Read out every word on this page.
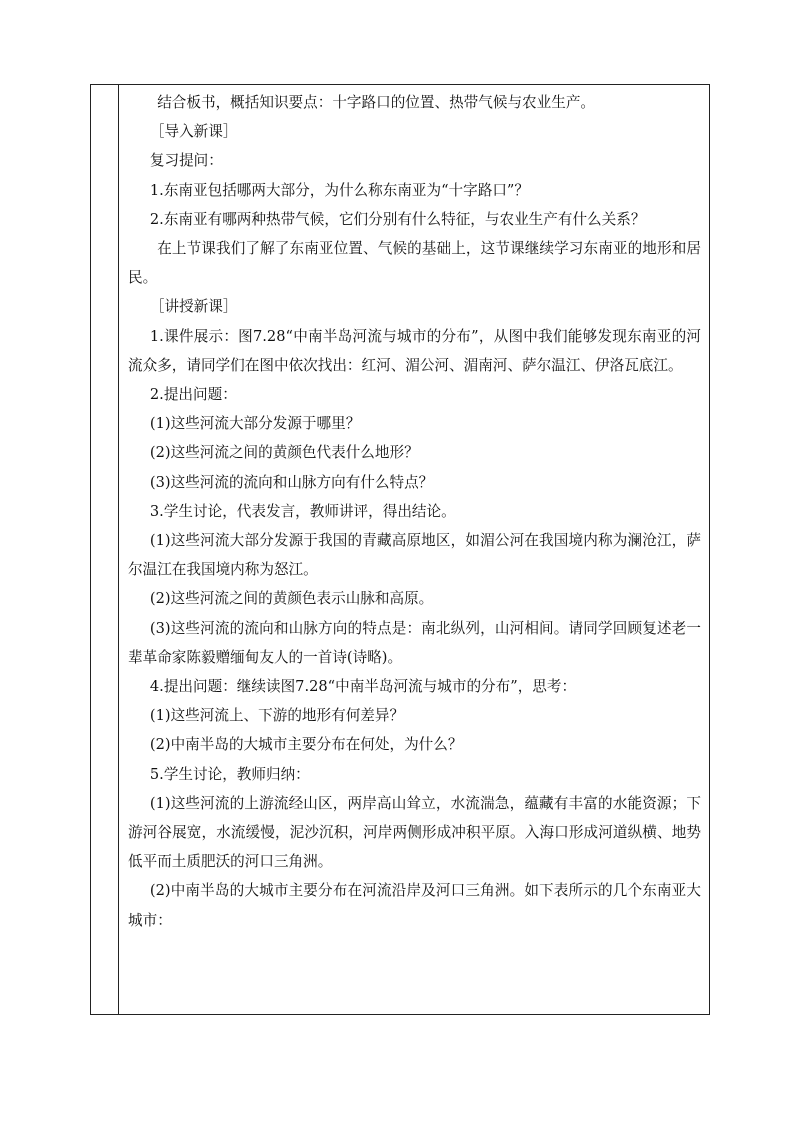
结合板书，概括知识要点：十字路口的位置、热带气候与农业生产。

［导入新课］

复习提问：

1.东南亚包括哪两大部分，为什么称东南亚为“十字路口”？

2.东南亚有哪两种热带气候，它们分别有什么特征，与农业生产有什么关系？

在上节课我们了解了东南亚位置、气候的基础上，这节课继续学习东南亚的地形和居民。

［讲授新课］

1.课件展示：图7.28“中南半岛河流与城市的分布”，从图中我们能够发现东南亚的河流众多，请同学们在图中依次找出：红河、湄公河、湄南河、萨尔温江、伊洛瓦底江。

2.提出问题：

(1)这些河流大部分发源于哪里？

(2)这些河流之间的黄颜色代表什么地形？

(3)这些河流的流向和山脉方向有什么特点？

3.学生讨论，代表发言，教师讲评，得出结论。

(1)这些河流大部分发源于我国的青藏高原地区，如湄公河在我国境内称为澜沧江，萨尔温江在我国境内称为怒江。

(2)这些河流之间的黄颜色表示山脉和高原。

(3)这些河流的流向和山脉方向的特点是：南北纵列，山河相间。请同学回顾复述老一辈革命家陈毅赠缅甸友人的一首诗(诗略)。

4.提出问题：继续读图7.28“中南半岛河流与城市的分布”，思考：

(1)这些河流上、下游的地形有何差异？

(2)中南半岛的大城市主要分布在何处，为什么？

5.学生讨论，教师归纳：

(1)这些河流的上游流经山区，两岸高山耸立，水流湍急，蕴藏有丰富的水能资源；下游河谷展宽，水流缓慢，泥沙沉积，河岸两侧形成冲积平原。入海口形成河道纵横、地势低平而土质肥沃的河口三角洲。

(2)中南半岛的大城市主要分布在河流沿岸及河口三角洲。如下表所示的几个东南亚大城市：
